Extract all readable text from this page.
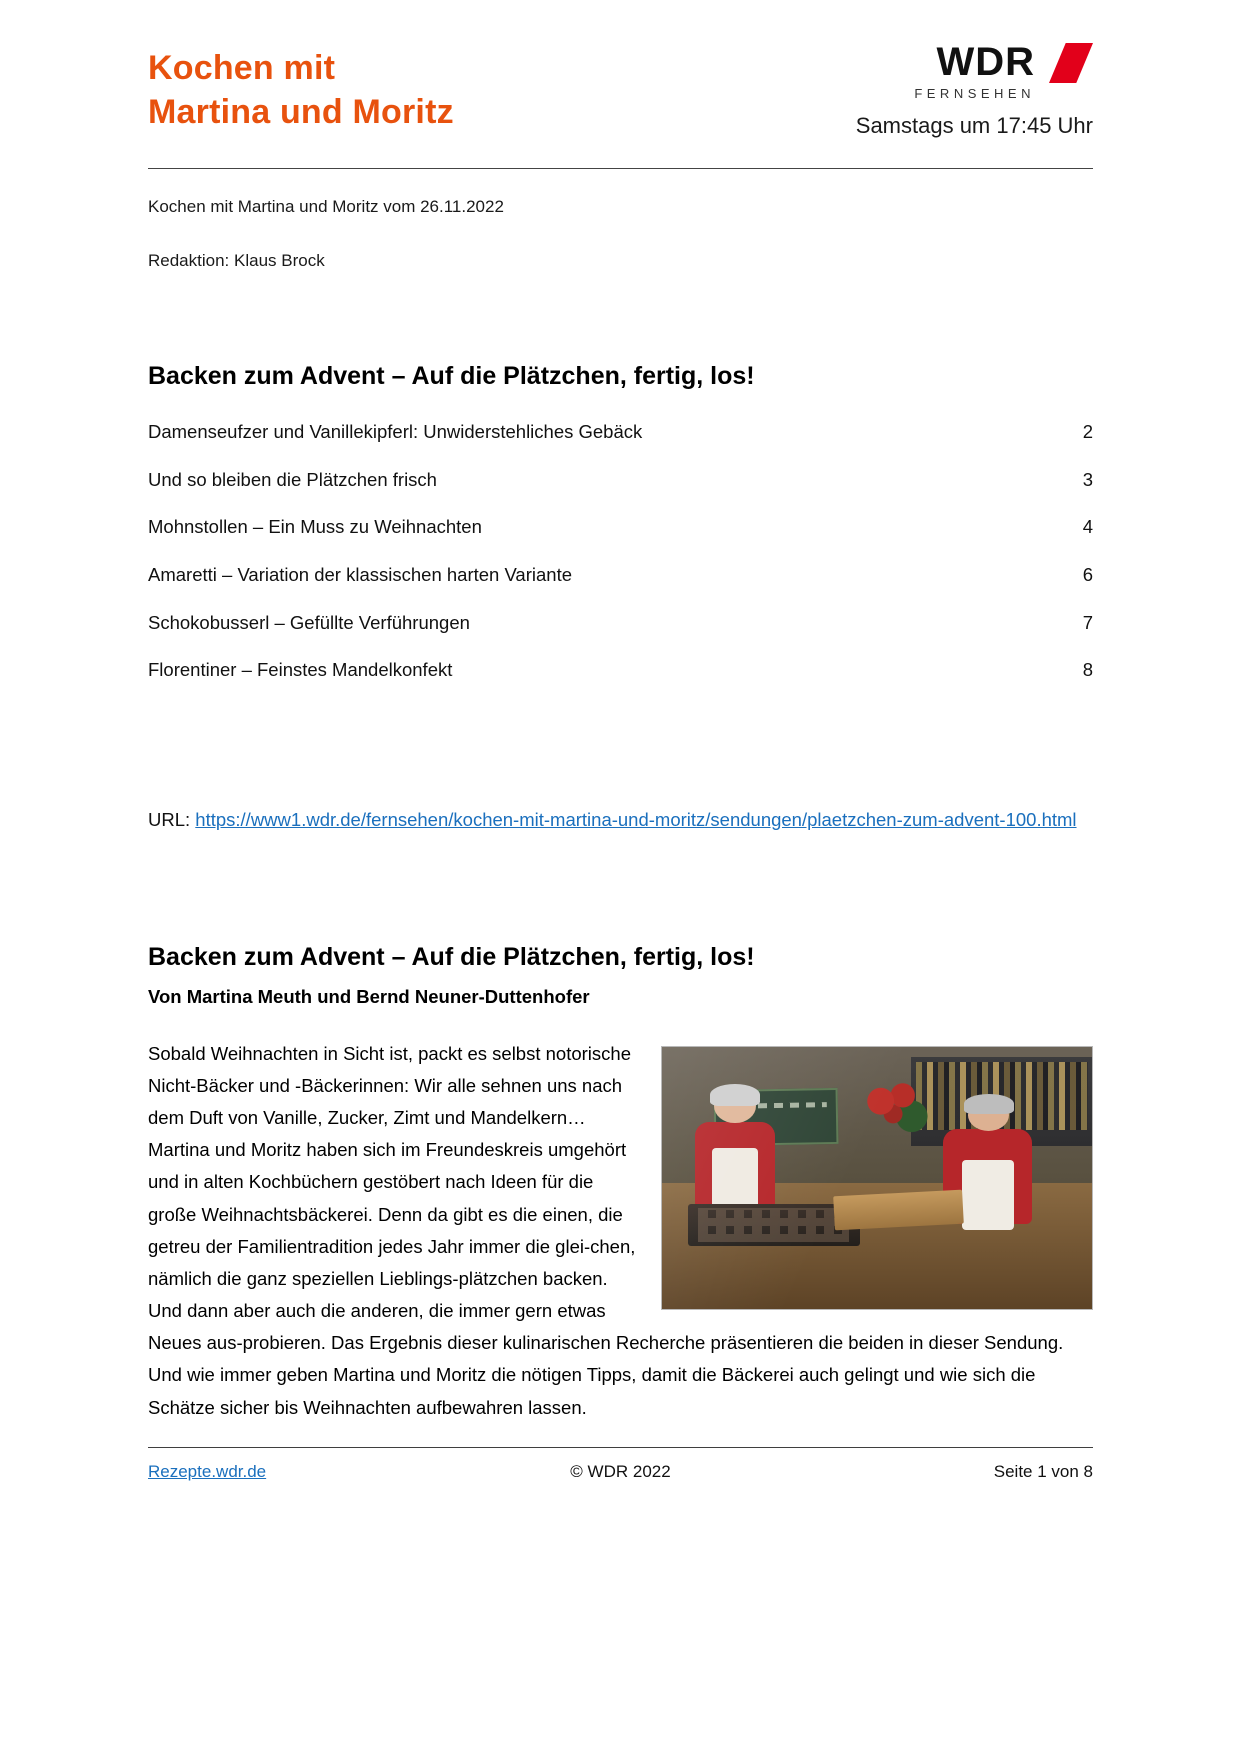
Kochen mit
Martina und Moritz
WDR
FERNSEHEN
Samstags um 17:45 Uhr
Kochen mit Martina und Moritz vom 26.11.2022
Redaktion: Klaus Brock
Backen zum Advent – Auf die Plätzchen, fertig, los!
Damenseufzer und Vanillekipferl: Unwiderstehliches Gebäck	2
Und so bleiben die Plätzchen frisch	3
Mohnstollen – Ein Muss zu Weihnachten	4
Amaretti – Variation der klassischen harten Variante	6
Schokobusserl – Gefüllte Verführungen	7
Florentiner – Feinstes Mandelkonfekt	8
URL: https://www1.wdr.de/fernsehen/kochen-mit-martina-und-moritz/sendungen/plaetzchen-zum-advent-100.html
Backen zum Advent – Auf die Plätzchen, fertig, los!
Von Martina Meuth und Bernd Neuner-Duttenhofer

Sobald Weihnachten in Sicht ist, packt es selbst notorische Nicht-Bäcker und -Bäckerinnen: Wir alle sehnen uns nach dem Duft von Vanille, Zucker, Zimt und Mandelkern… Martina und Moritz haben sich im Freundeskreis umgehört und in alten Kochbüchern gestöbert nach Ideen für die große Weihnachtsbäckerei. Denn da gibt es die einen, die getreu der Familientradition jedes Jahr immer die glei-chen, nämlich die ganz speziellen Lieblings-plätzchen backen. Und dann aber auch die anderen, die immer gern etwas Neues aus-probieren. Das Ergebnis dieser kulinarischen Recherche präsentieren die beiden in dieser Sendung. Und wie immer geben Martina und Moritz die nötigen Tipps, damit die Bäckerei auch gelingt und wie sich die Schätze sicher bis Weihnachten aufbewahren lassen.

Rezepte.wdr.de	© WDR 2022	Seite 1 von 8
